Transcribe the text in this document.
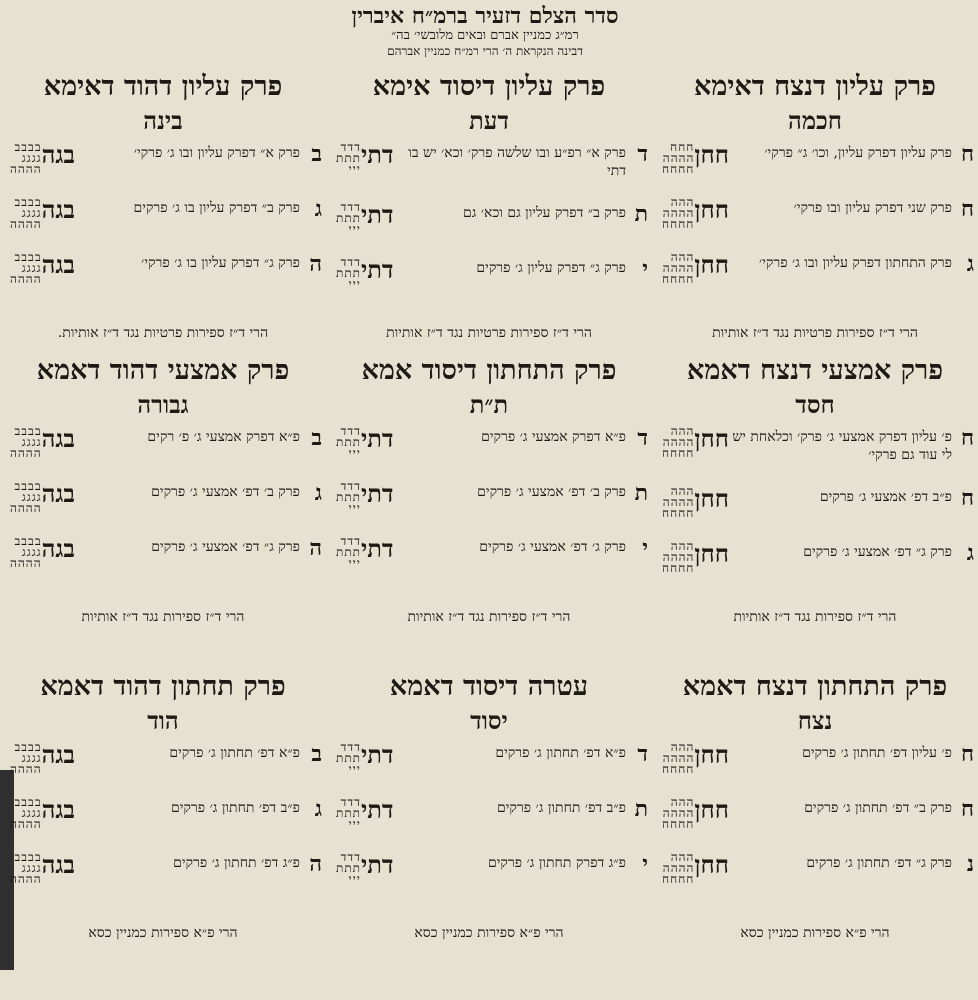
סדר הצלם דזעיר ברמ״ח איברין
רמ״ג כמניין אברם ובאים מלובשי׳ בה״
דבינה הנקראת ה׳ הרי רמ״ח כמניין אברהם
פרק עליון דנצח דאימא
חכמה
ח
פרק עליון דפרק עליון, וכו׳ ג״ פרקי׳
חחן
חחח
הההה
חחחח
ח
פרק שני דפרק עליון ובו פרקי׳
חחן
ההה
הההה
חחחח
ג
פרק התחתון דפרק עליון ובו ג׳ פרקי׳
חחן
ההה
הההה
חחחח
הרי ד״ז ספירות פרטיות נגד ד״ז אותיות
פרק עליון דיסוד אימא
דעת
ד
פרק א״ רפ״ע ובו שלשה פרק׳ וכא׳ יש בו דתי
דתי
דדד
תתת
ייי
ת
פרק ב״ דפרק עליון גם וכא׳ גם
דתי
דדד
תתת
ייי
י
פרק ג״ דפרק עליון ג׳ פרקים
דתי
דדד
תתת
ייי
הרי ד״ז ספירות פרטיות נגד ד״ז אותיות
פרק עליון דהוד דאימא
בינה
ב
פרק א״ דפרק עליון ובו ג׳ פרקי׳
בגה
בבבב
גגגג
הההה
ג
פרק ב״ דפרק עליון בו ג׳ פרקים
בגה
בבבב
גגגג
הההה
ה
פרק ג״ דפרק עליון בו ג׳ פרקי׳
בגה
בבבב
גגגג
הההה
הרי ד״ז ספירות פרטיות נגד ד״ז אותיות.
פרק אמצעי דנצח דאמא
חסד
ח
פ׳ עליון דפרק אמצעי ג׳ פרק׳ וכלאחת יש לי עוד גם פרקי׳
חחן
ההה
הההה
חחחח
ח
פ״ב דפ׳ אמצעי ג׳ פרקים
חחן
ההה
הההה
חחחח
ג
פרק ג״ דפ׳ אמצעי ג׳ פרקים
חחן
ההה
הההה
חחחח
הרי ד״ז ספירות נגד ד״ז אותיות
פרק התחתון דיסוד אמא
ת״ת
ד
פ״א דפרק אמצעי ג׳ פרקים
דתי
דדד
תתת
ייי
ת
פרק ב׳ דפ׳ אמצעי ג׳ פרקים
דתי
דדד
תתת
ייי
י
פרק ג׳ דפ׳ אמצעי ג׳ פרקים
דתי
דדד
תתת
ייי
הרי ד״ז ספירות נגד ד״ז אותיות
פרק אמצעי דהוד דאמא
גבורה
ב
פ״א דפרק אמצעי ג׳ פ׳ רקים
בגה
בבבב
גגגג
הההה
ג
פרק ב׳ דפ׳ אמצעי ג׳ פרקים
בגה
בבבב
גגגג
הההה
ה
פרק ג״ דפ׳ אמצעי ג׳ פרקים
בגה
בבבב
גגגג
הההה
הרי ד״ז ספירות נגד ד״ז אותיות
פרק התחתון דנצח דאמא
נצח
ח
פ׳ עליון דפ׳ תחתון ג׳ פרקים
חחן
ההה
הההה
חחחח
ח
פרק ב״ דפ׳ תחתון ג׳ פרקים
חחן
ההה
הההה
חחחח
נ
פרק ג״ דפ׳ תחתון ג׳ פרקים
חחן
ההה
הההה
חחחח
הרי פ״א ספירות כמניין כסא
עטרה דיסוד דאמא
יסוד
ד
פ״א דפ׳ תחתון ג׳ פרקים
דתי
דדד
תתת
ייי
ת
פ״ב דפ׳ תחתון ג׳ פרקים
דתי
דדד
תתת
ייי
י
פ״ג דפרק תחתון ג׳ פרקים
דתי
דדד
תתת
ייי
הרי פ״א ספירות כמניין כסא
פרק תחתון דהוד דאמא
הוד
ב
פ״א דפ׳ תחתון ג׳ פרקים
בגה
בבבב
גגגג
הההה
ג
פ״ב דפ׳ תחתון ג׳ פרקים
בגה
בבבב
גגגג
הההה
ה
פ״ג דפ׳ תחתון ג׳ פרקים
בגה
בבבב
גגגג
הההה
הרי פ״א ספירות כמניין כסא
